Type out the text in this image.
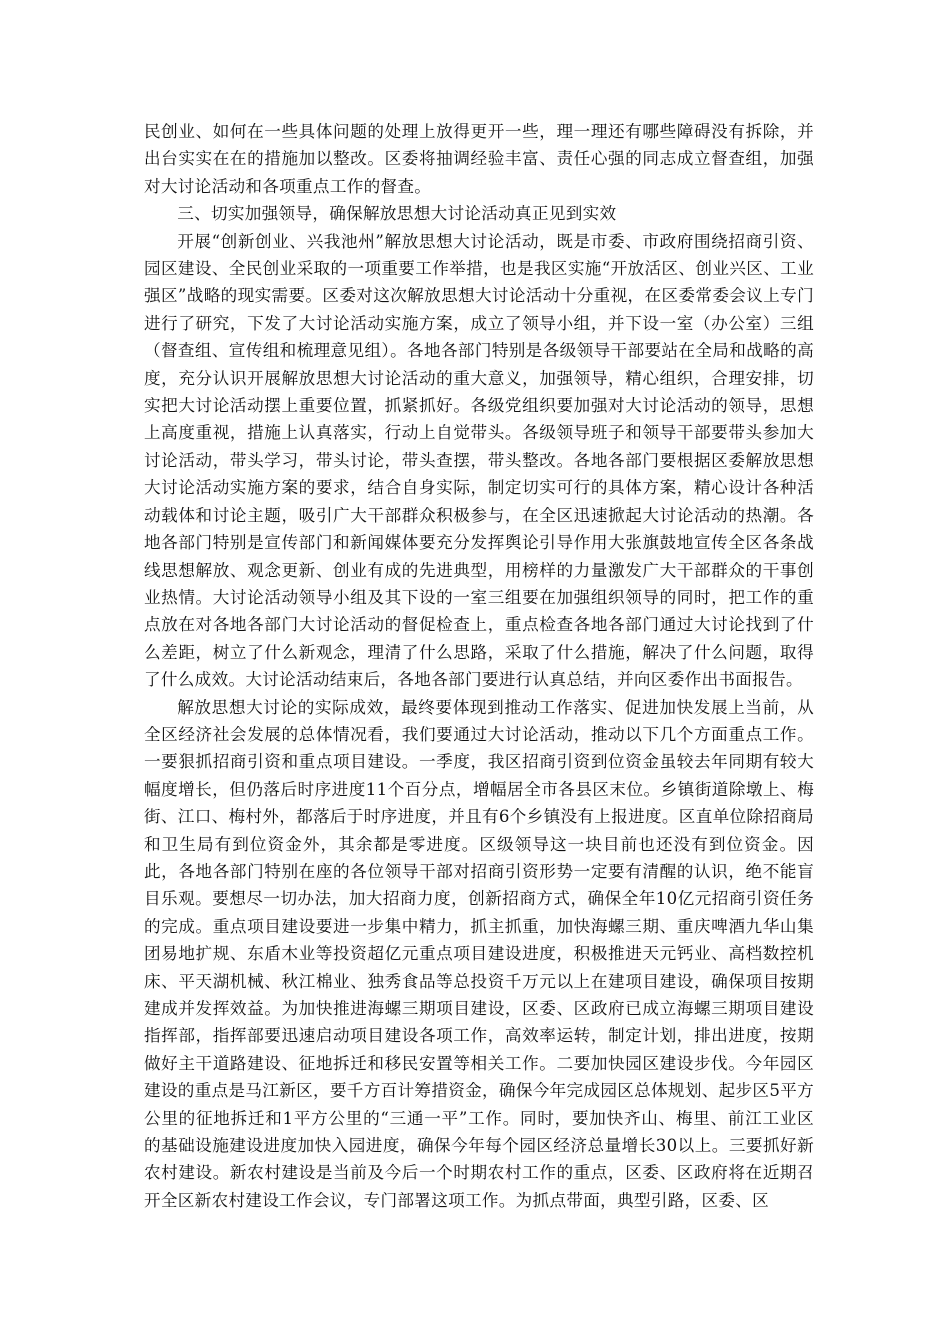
民创业、如何在一些具体问题的处理上放得更开一些，理一理还有哪些障碍没有拆除，并出台实实在在的措施加以整改。区委将抽调经验丰富、责任心强的同志成立督查组，加强对大讨论活动和各项重点工作的督查。

三、切实加强领导，确保解放思想大讨论活动真正见到实效

开展“创新创业、兴我池州”解放思想大讨论活动，既是市委、市政府围绕招商引资、园区建设、全民创业采取的一项重要工作举措，也是我区实施“开放活区、创业兴区、工业强区”战略的现实需要。区委对这次解放思想大讨论活动十分重视，在区委常委会议上专门进行了研究，下发了大讨论活动实施方案，成立了领导小组，并下设一室（办公室）三组（督查组、宣传组和梳理意见组）。各地各部门特别是各级领导干部要站在全局和战略的高度，充分认识开展解放思想大讨论活动的重大意义，加强领导，精心组织，合理安排，切实把大讨论活动摆上重要位置，抓紧抓好。各级党组织要加强对大讨论活动的领导，思想上高度重视，措施上认真落实，行动上自觉带头。各级领导班子和领导干部要带头参加大讨论活动，带头学习，带头讨论，带头查摆，带头整改。各地各部门要根据区委解放思想大讨论活动实施方案的要求，结合自身实际，制定切实可行的具体方案，精心设计各种活动载体和讨论主题，吸引广大干部群众积极参与，在全区迅速掀起大讨论活动的热潮。各地各部门特别是宣传部门和新闻媒体要充分发挥舆论引导作用大张旗鼓地宣传全区各条战线思想解放、观念更新、创业有成的先进典型，用榜样的力量激发广大干部群众的干事创业热情。大讨论活动领导小组及其下设的一室三组要在加强组织领导的同时，把工作的重点放在对各地各部门大讨论活动的督促检查上，重点检查各地各部门通过大讨论找到了什么差距，树立了什么新观念，理清了什么思路，采取了什么措施，解决了什么问题，取得了什么成效。大讨论活动结束后，各地各部门要进行认真总结，并向区委作出书面报告。

解放思想大讨论的实际成效，最终要体现到推动工作落实、促进加快发展上当前，从全区经济社会发展的总体情况看，我们要通过大讨论活动，推动以下几个方面重点工作。一要狠抓招商引资和重点项目建设。一季度，我区招商引资到位资金虽较去年同期有较大幅度增长，但仍落后时序进度11个百分点，增幅居全市各县区末位。乡镇街道除墩上、梅街、江口、梅村外，都落后于时序进度，并且有6个乡镇没有上报进度。区直单位除招商局和卫生局有到位资金外，其余都是零进度。区级领导这一块目前也还没有到位资金。因此，各地各部门特别在座的各位领导干部对招商引资形势一定要有清醒的认识，绝不能盲目乐观。要想尽一切办法，加大招商力度，创新招商方式，确保全年10亿元招商引资任务的完成。重点项目建设要进一步集中精力，抓主抓重，加快海螺三期、重庆啤酒九华山集团易地扩规、东盾木业等投资超亿元重点项目建设进度，积极推进天元钙业、高档数控机床、平天湖机械、秋江棉业、独秀食品等总投资千万元以上在建项目建设，确保项目按期建成并发挥效益。为加快推进海螺三期项目建设，区委、区政府已成立海螺三期项目建设指挥部，指挥部要迅速启动项目建设各项工作，高效率运转，制定计划，排出进度，按期做好主干道路建设、征地拆迁和移民安置等相关工作。二要加快园区建设步伐。今年园区建设的重点是马江新区，要千方百计筹措资金，确保今年完成园区总体规划、起步区5平方公里的征地拆迁和1平方公里的“三通一平”工作。同时，要加快齐山、梅里、前江工业区的基础设施建设进度加快入园进度，确保今年每个园区经济总量增长30以上。三要抓好新农村建设。新农村建设是当前及今后一个时期农村工作的重点，区委、区政府将在近期召开全区新农村建设工作会议，专门部署这项工作。为抓点带面，典型引路，区委、区
